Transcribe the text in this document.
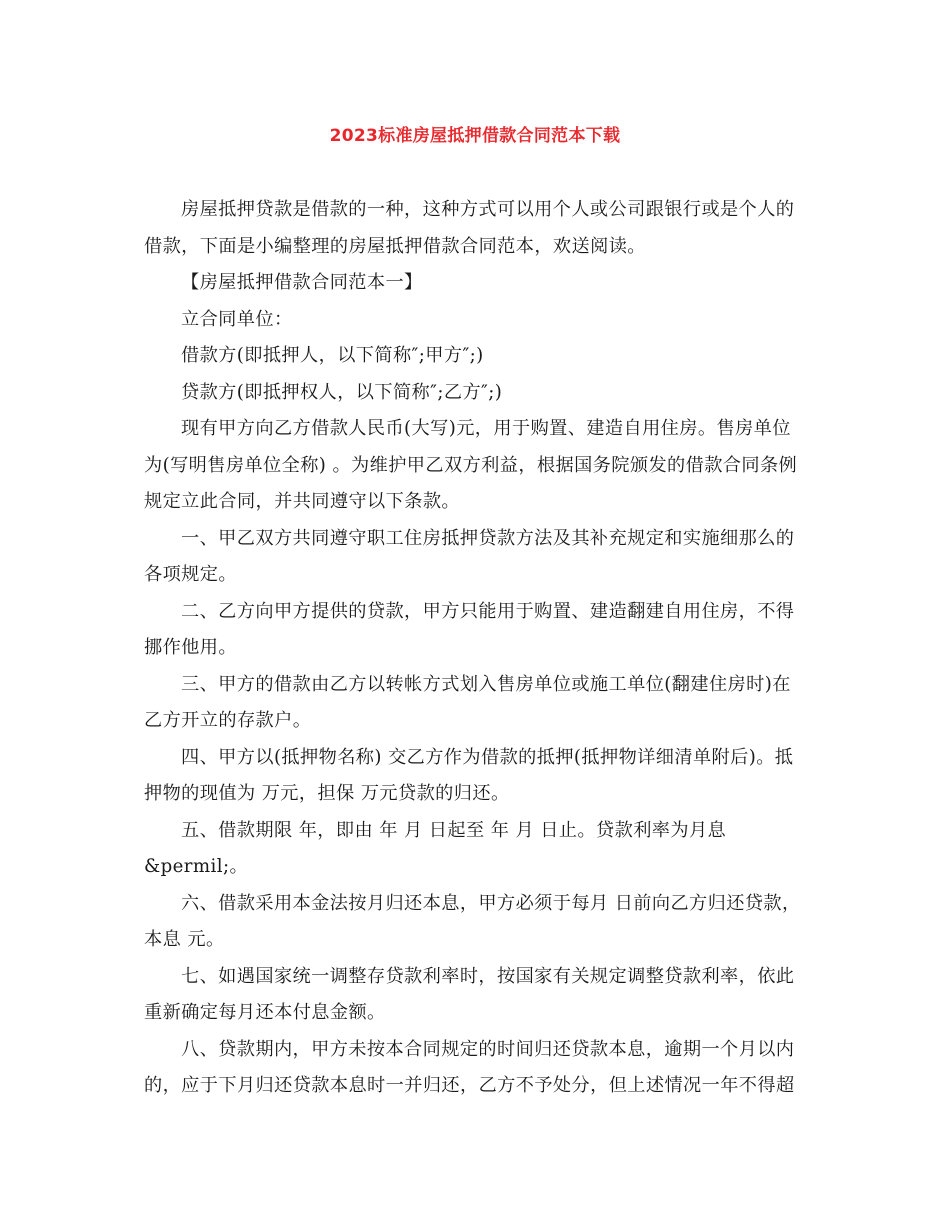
2023标准房屋抵押借款合同范本下载

房屋抵押贷款是借款的一种，这种方式可以用个人或公司跟银行或是个人的借款，下面是小编整理的房屋抵押借款合同范本，欢送阅读。

【房屋抵押借款合同范本一】

立合同单位：

借款方(即抵押人，以下简称″;甲方″;)

贷款方(即抵押权人，以下简称″;乙方″;)

现有甲方向乙方借款人民币(大写)元，用于购置、建造自用住房。售房单位为(写明售房单位全称) 。为维护甲乙双方利益，根据国务院颁发的借款合同条例规定立此合同，并共同遵守以下条款。

一、甲乙双方共同遵守职工住房抵押贷款方法及其补充规定和实施细那么的各项规定。

二、乙方向甲方提供的贷款，甲方只能用于购置、建造翻建自用住房，不得挪作他用。

三、甲方的借款由乙方以转帐方式划入售房单位或施工单位(翻建住房时)在乙方开立的存款户。

四、甲方以(抵押物名称) 交乙方作为借款的抵押(抵押物详细清单附后)。抵押物的现值为 万元，担保 万元贷款的归还。

五、借款期限 年，即由 年 月 日起至 年 月 日止。贷款利率为月息 &permil;。

六、借款采用本金法按月归还本息，甲方必须于每月 日前向乙方归还贷款，本息 元。

七、如遇国家统一调整存贷款利率时，按国家有关规定调整贷款利率，依此重新确定每月还本付息金额。

八、贷款期内，甲方未按本合同规定的时间归还贷款本息，逾期一个月以内的，应于下月归还贷款本息时一并归还，乙方不予处分，但上述情况一年不得超
